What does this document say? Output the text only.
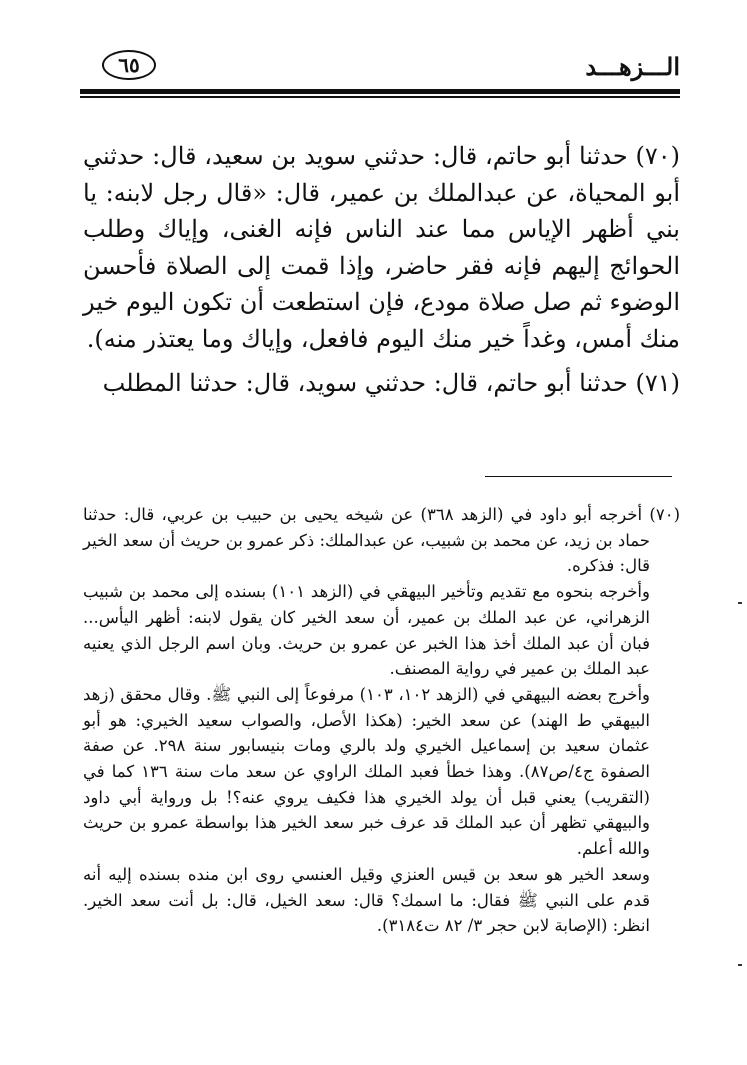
الـــزهـــد
٦٥

(٧٠) حدثنا أبو حاتم، قال: حدثني سويد بن سعيد، قال: حدثني أبو المحياة، عن عبدالملك بن عمير، قال: «قال رجل لابنه: يا بني أظهر الإياس مما عند الناس فإنه الغنى، وإياك وطلب الحوائج إليهم فإنه فقر حاضر، وإذا قمت إلى الصلاة فأحسن الوضوء ثم صل صلاة مودع، فإن استطعت أن تكون اليوم خير منك أمس، وغداً خير منك اليوم فافعل، وإياك وما يعتذر منه).

(٧١) حدثنا أبو حاتم، قال: حدثني سويد، قال: حدثنا المطلب

(٧٠) أخرجه أبو داود في (الزهد ٣٦٨) عن شيخه يحيى بن حبيب بن عربي، قال: حدثنا حماد بن زيد، عن محمد بن شبيب، عن عبدالملك: ذكر عمرو بن حريث أن سعد الخير قال: فذكره.

وأخرجه بنحوه مع تقديم وتأخير البيهقي في (الزهد ١٠١) بسنده إلى محمد بن شبيب الزهراني، عن عبد الملك بن عمير، أن سعد الخير كان يقول لابنه: أظهر اليأس... فبان أن عبد الملك أخذ هذا الخبر عن عمرو بن حريث. وبان اسم الرجل الذي يعنيه عبد الملك بن عمير في رواية المصنف.

وأخرج بعضه البيهقي في (الزهد ١٠٢، ١٠٣) مرفوعاً إلى النبي ﷺ. وقال محقق (زهد البيهقي ط الهند) عن سعد الخير: (هكذا الأصل، والصواب سعيد الخيري: هو أبو عثمان سعيد بن إسماعيل الخيري ولد بالري ومات بنيسابور سنة ٢٩٨. عن صفة الصفوة ج٤/ص٨٧). وهذا خطأ فعبد الملك الراوي عن سعد مات سنة ١٣٦ كما في (التقريب) يعني قبل أن يولد الخيري هذا فكيف يروي عنه؟! بل ورواية أبي داود والبيهقي تظهر أن عبد الملك قد عرف خبر سعد الخير هذا بواسطة عمرو بن حريث والله أعلم.

وسعد الخير هو سعد بن قيس العنزي وقيل العنسي روى ابن منده بسنده إليه أنه قدم على النبي ﷺ فقال: ما اسمك؟ قال: سعد الخيل، قال: بل أنت سعد الخير. انظر: (الإصابة لابن حجر ٣/ ٨٢ ت٣١٨٤).
